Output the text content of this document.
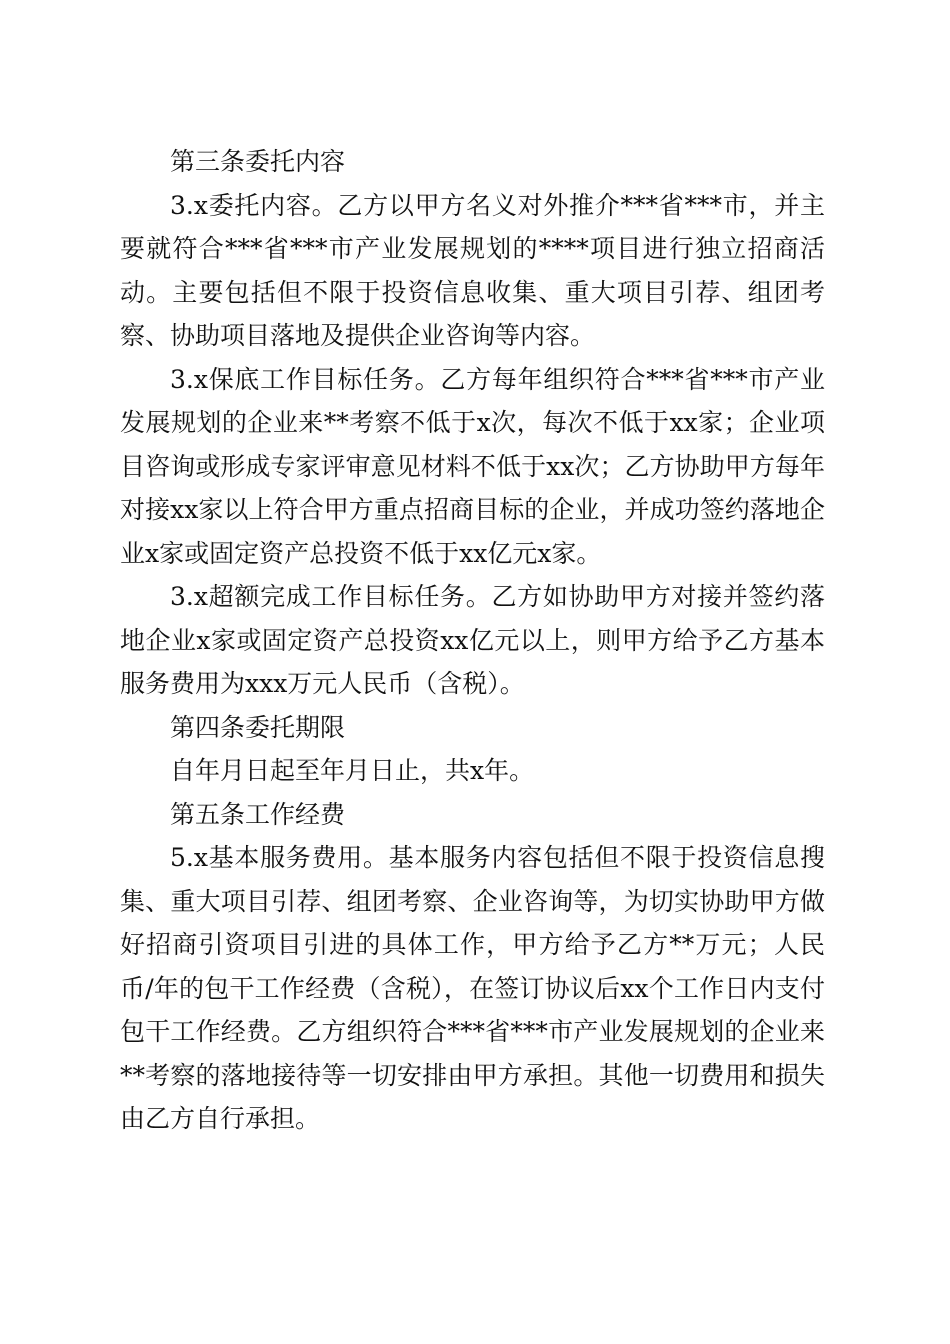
第三条委托内容

3.x委托内容。乙方以甲方名义对外推介***省***市，并主要就符合***省***市产业发展规划的****项目进行独立招商活动。主要包括但不限于投资信息收集、重大项目引荐、组团考察、协助项目落地及提供企业咨询等内容。

3.x保底工作目标任务。乙方每年组织符合***省***市产业发展规划的企业来**考察不低于x次，每次不低于xx家；企业项目咨询或形成专家评审意见材料不低于xx次；乙方协助甲方每年对接xx家以上符合甲方重点招商目标的企业，并成功签约落地企业x家或固定资产总投资不低于xx亿元x家。

3.x超额完成工作目标任务。乙方如协助甲方对接并签约落地企业x家或固定资产总投资xx亿元以上，则甲方给予乙方基本服务费用为xxx万元人民币（含税）。

第四条委托期限

自年月日起至年月日止，共x年。

第五条工作经费

5.x基本服务费用。基本服务内容包括但不限于投资信息搜集、重大项目引荐、组团考察、企业咨询等，为切实协助甲方做好招商引资项目引进的具体工作，甲方给予乙方**万元；人民币/年的包干工作经费（含税），在签订协议后xx个工作日内支付包干工作经费。乙方组织符合***省***市产业发展规划的企业来**考察的落地接待等一切安排由甲方承担。其他一切费用和损失由乙方自行承担。
